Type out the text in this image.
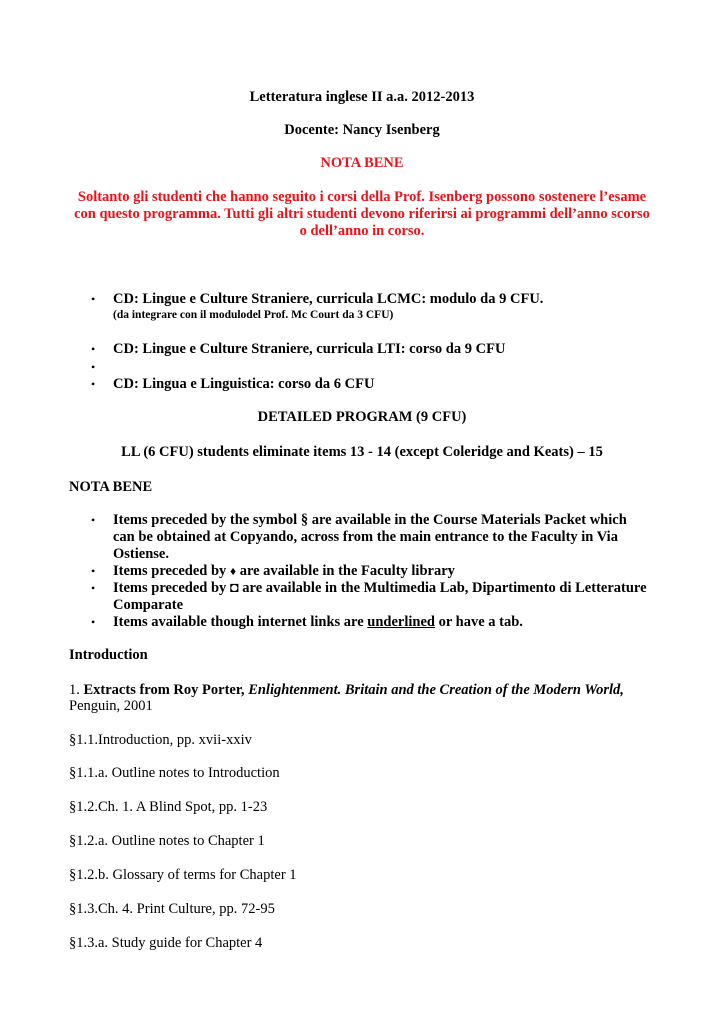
Letteratura inglese II a.a. 2012-2013
Docente: Nancy Isenberg
NOTA BENE
Soltanto gli studenti che hanno seguito i corsi della Prof. Isenberg possono sostenere l’esame
con questo programma. Tutti gli altri studenti devono riferirsi ai programmi dell’anno scorso
o dell’anno in corso.
• CD: Lingue e Culture Straniere, curricula LCMC: modulo da 9 CFU.
(da integrare con il modulodel Prof. Mc Court da 3 CFU)
• CD: Lingue e Culture Straniere, curricula LTI: corso da 9 CFU
•
• CD: Lingua e Linguistica: corso da 6 CFU
DETAILED PROGRAM (9 CFU)
LL (6 CFU) students eliminate items 13 - 14 (except Coleridge and Keats) – 15
NOTA BENE
• Items preceded by the symbol § are available in the Course Materials Packet which
can be obtained at Copyando, across from the main entrance to the Faculty in Via
Ostiense.
• Items preceded by ♦ are available in the Faculty library
• Items preceded by ◘ are available in the Multimedia Lab, Dipartimento di Letterature
Comparate
• Items available though internet links are underlined or have a tab.
Introduction
1. Extracts from Roy Porter, Enlightenment. Britain and the Creation of the Modern World,
Penguin, 2001
§1.1.Introduction, pp. xvii-xxiv
§1.1.a. Outline notes to Introduction
§1.2.Ch. 1. A Blind Spot, pp. 1-23
§1.2.a. Outline notes to Chapter 1
§1.2.b. Glossary of terms for Chapter 1
§1.3.Ch. 4. Print Culture, pp. 72-95
§1.3.a. Study guide for Chapter 4
